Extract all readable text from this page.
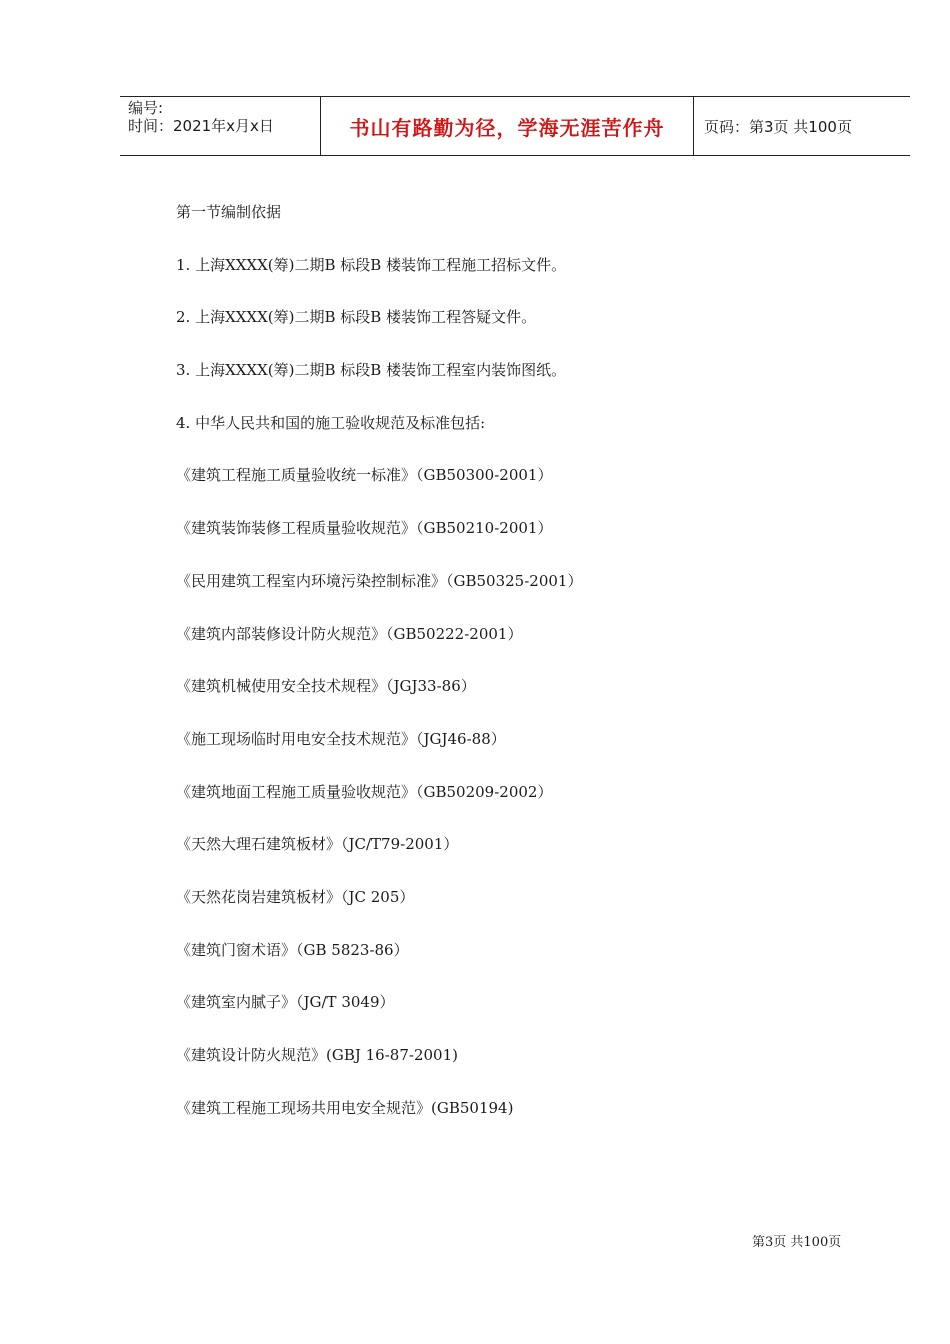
编号:
时间：2021年x月x日	书山有路勤为径，学海无涯苦作舟	页码：第3页 共100页
第一节编制依据
1. 上海XXXX(筹)二期B 标段B 楼装饰工程施工招标文件。
2. 上海XXXX(筹)二期B 标段B 楼装饰工程答疑文件。
3. 上海XXXX(筹)二期B 标段B 楼装饰工程室内装饰图纸。
4. 中华人民共和国的施工验收规范及标准包括:
《建筑工程施工质量验收统一标准》（GB50300-2001）
《建筑装饰装修工程质量验收规范》（GB50210-2001）
《民用建筑工程室内环境污染控制标准》（GB50325-2001）
《建筑内部装修设计防火规范》（GB50222-2001）
《建筑机械使用安全技术规程》（JGJ33-86）
《施工现场临时用电安全技术规范》（JGJ46-88）
《建筑地面工程施工质量验收规范》（GB50209-2002）
《天然大理石建筑板材》（JC/T79-2001）
《天然花岗岩建筑板材》（JC 205）
《建筑门窗术语》（GB 5823-86）
《建筑室内腻子》（JG/T 3049）
《建筑设计防火规范》(GBJ 16-87-2001)
《建筑工程施工现场共用电安全规范》(GB50194)
第3页 共100页
